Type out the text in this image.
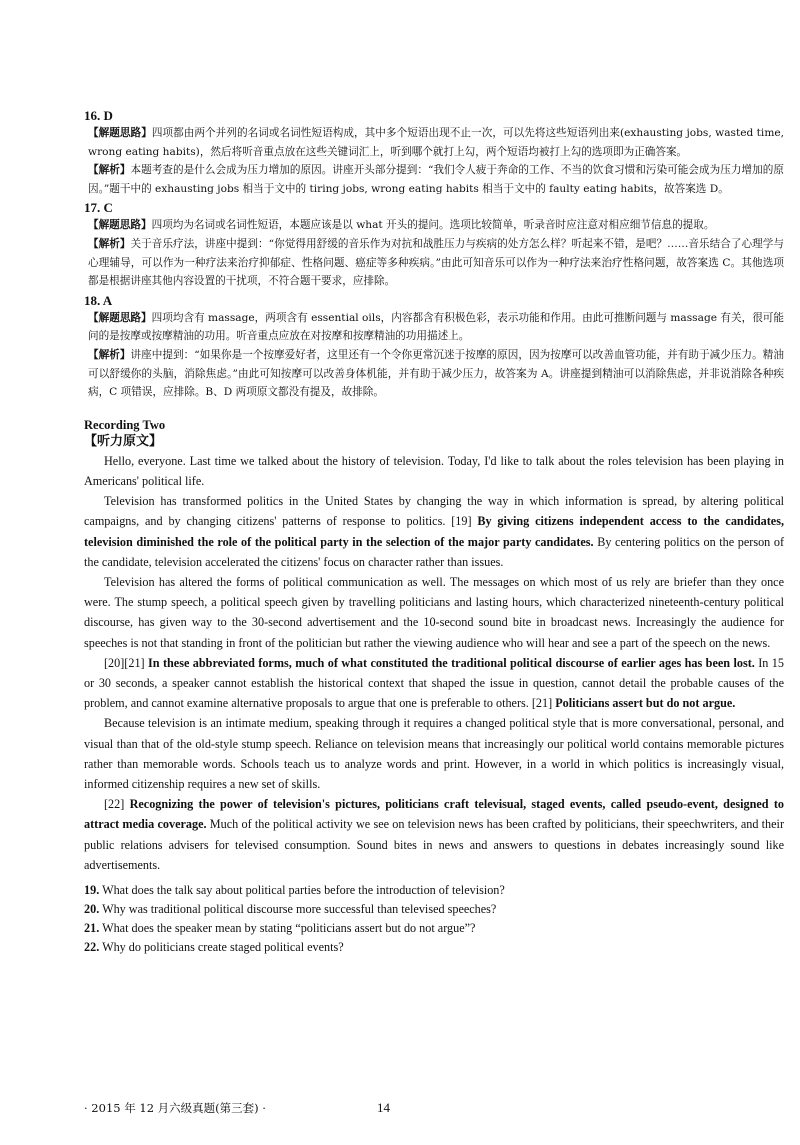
16. D
【解题思路】四项都由两个并列的名词或名词性短语构成，其中多个短语出现不止一次，可以先将这些短语列出来(exhausting jobs, wasted time, wrong eating habits)，然后将听音重点放在这些关键词汇上，听到哪个就打上勾，两个短语均被打上勾的选项即为正确答案。
【解析】本题考查的是什么会成为压力增加的原因。讲座开头部分提到：“我们令人疲于奔命的工作、不当的饮食习惯和污染可能会成为压力增加的原因。”题干中的 exhausting jobs 相当于文中的 tiring jobs, wrong eating habits 相当于文中的 faulty eating habits，故答案选 D。
17. C
【解题思路】四项均为名词或名词性短语，本题应该是以 what 开头的提问。选项比较简单，听录音时应注意对相应细节信息的提取。
【解析】关于音乐疗法，讲座中提到：“你觉得用舒缓的音乐作为对抗和战胜压力与疾病的处方怎么样？听起来不错，是吧？……音乐结合了心理学与心理辅导，可以作为一种疗法来治疗抑郁症、性格问题、癌症等多种疾病。”由此可知音乐可以作为一种疗法来治疗性格问题，故答案选 C。其他选项都是根据讲座其他内容设置的干扰项，不符合题干要求，应排除。
18. A
【解题思路】四项均含有 massage，两项含有 essential oils，内容都含有积极色彩，表示功能和作用。由此可推断问题与 massage 有关，很可能问的是按摩或按摩精油的功用。听音重点应放在对按摩和按摩精油的功用描述上。
【解析】讲座中提到：“如果你是一个按摩爱好者，这里还有一个令你更常沉迷于按摩的原因，因为按摩可以改善血管功能，并有助于减少压力。精油可以舒缓你的头脑，消除焦虑。”由此可知按摩可以改善身体机能，并有助于减少压力，故答案为 A。讲座提到精油可以消除焦虑，并非说消除各种疾病，C 项错误，应排除。B、D 两项原文都没有提及，故排除。
Recording Two
【听力原文】

Hello, everyone. Last time we talked about the history of television. Today, I'd like to talk about the roles television has been playing in Americans' political life.

Television has transformed politics in the United States by changing the way in which information is spread, by altering political campaigns, and by changing citizens' patterns of response to politics. [19] By giving citizens independent access to the candidates, television diminished the role of the political party in the selection of the major party candidates. By centering politics on the person of the candidate, television accelerated the citizens' focus on character rather than issues.

Television has altered the forms of political communication as well. The messages on which most of us rely are briefer than they once were. The stump speech, a political speech given by travelling politicians and lasting hours, which characterized nineteenth-century political discourse, has given way to the 30-second advertisement and the 10-second sound bite in broadcast news. Increasingly the audience for speeches is not that standing in front of the politician but rather the viewing audience who will hear and see a part of the speech on the news.

[20][21] In these abbreviated forms, much of what constituted the traditional political discourse of earlier ages has been lost. In 15 or 30 seconds, a speaker cannot establish the historical context that shaped the issue in question, cannot detail the probable causes of the problem, and cannot examine alternative proposals to argue that one is preferable to others. [21] Politicians assert but do not argue.

Because television is an intimate medium, speaking through it requires a changed political style that is more conversational, personal, and visual than that of the old-style stump speech. Reliance on television means that increasingly our political world contains memorable pictures rather than memorable words. Schools teach us to analyze words and print. However, in a world in which politics is increasingly visual, informed citizenship requires a new set of skills.

[22] Recognizing the power of television's pictures, politicians craft televisual, staged events, called pseudo-event, designed to attract media coverage. Much of the political activity we see on television news has been crafted by politicians, their speechwriters, and their public relations advisers for televised consumption. Sound bites in news and answers to questions in debates increasingly sound like advertisements.

19. What does the talk say about political parties before the introduction of television?
20. Why was traditional political discourse more successful than televised speeches?
21. What does the speaker mean by stating “politicians assert but do not argue”?
22. Why do politicians create staged political events?
· 2015 年 12 月六级真题(第三套) ·	14
